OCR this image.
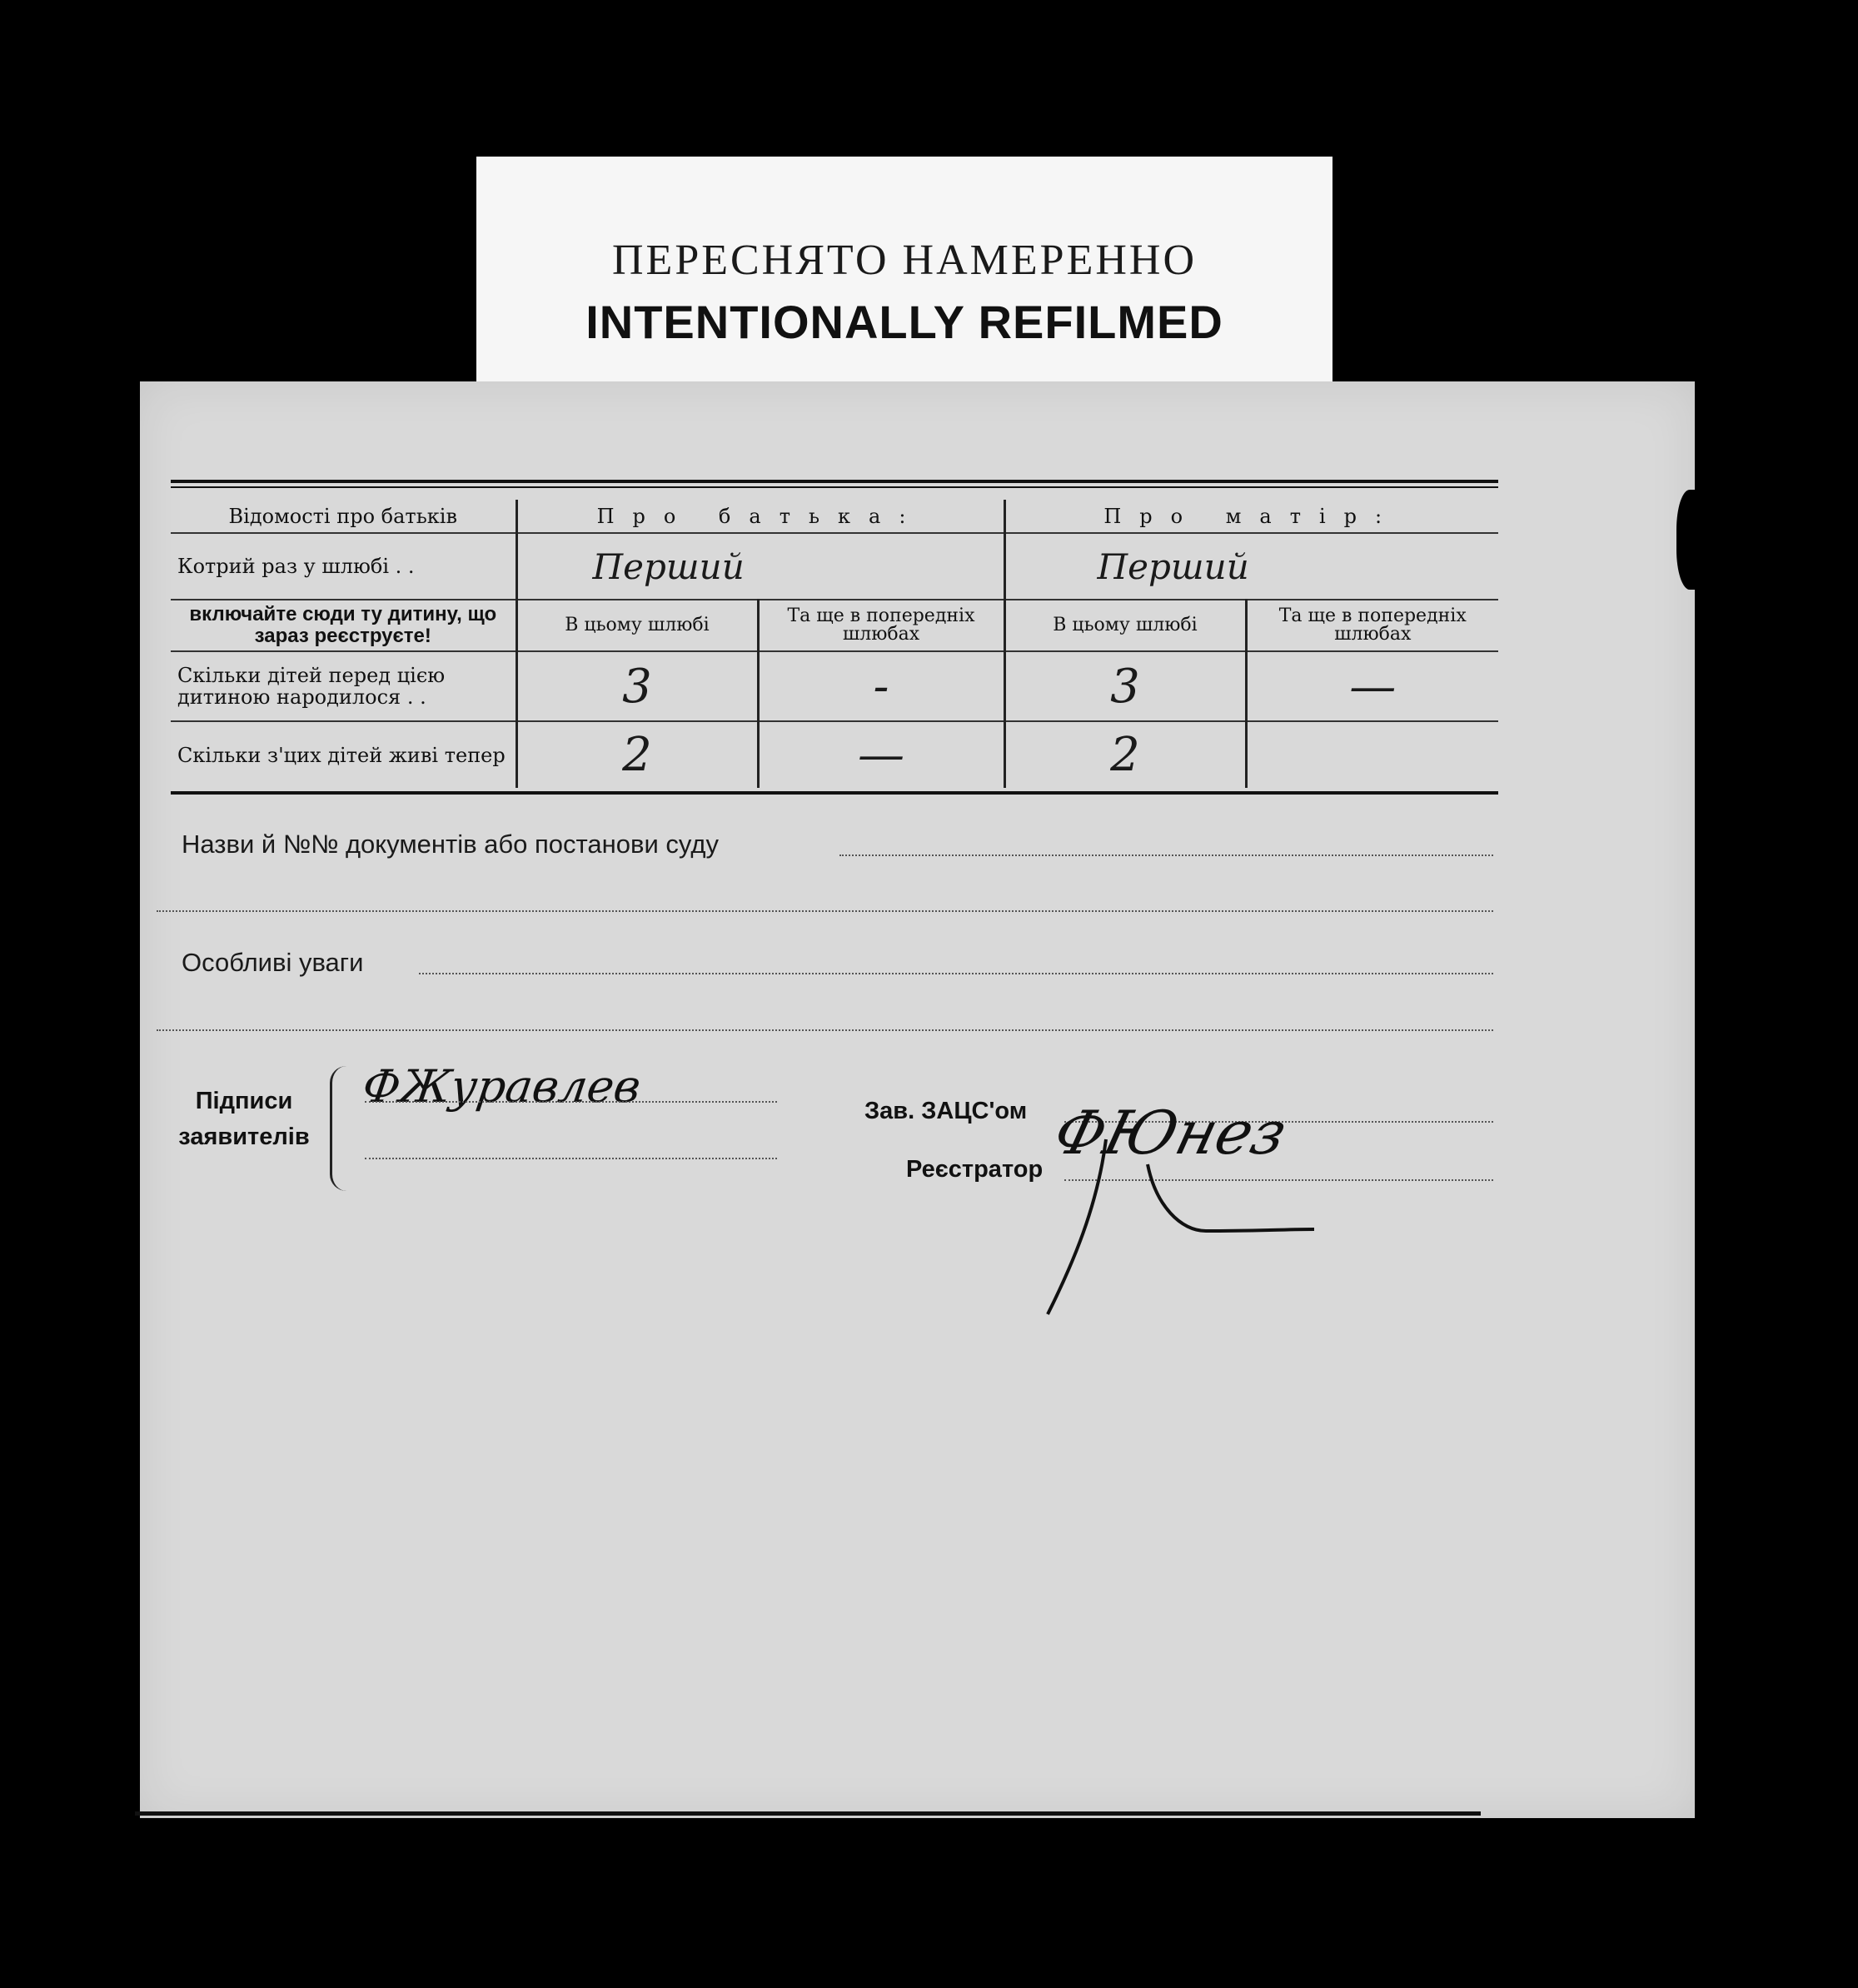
ПЕРЕСНЯТО НАМЕРЕННО
INTENTIONALLY REFILMED
Відомості про батьків	Про батька:		Про матір:	
Котрий раз у шлюбі . .	Перший		Перший	
включайте сюди ту дитину, що зараз реєструєте!	В цьому шлюбі	Та ще в попередніх шлюбах	В цьому шлюбі	Та ще в попередніх шлюбах
Скільки дітей перед цією дитиною народилося . .	3	-	3	—
Скільки з'цих дітей живі тепер	2	—	2	
Назви й №№ документів або постанови суду
Особливі уваги
Підписи
заявителів
ФЖуравлев	Зав. ЗАЦС'ом
Реєстратор
ФЮнез
